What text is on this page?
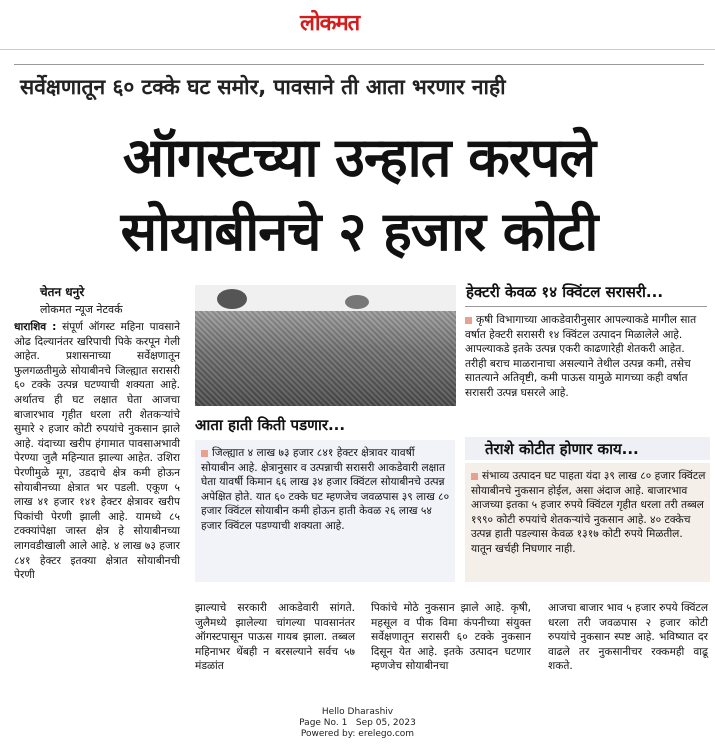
लोकमत
सर्वेक्षणातून ६० टक्के घट समोर, पावसाने ती आता भरणार नाही
ऑगस्टच्या उन्हात करपले
सोयाबीनचे २ हजार कोटी
चेतन धनुरे
लोकमत न्यूज नेटवर्क
धाराशिव : संपूर्ण ऑगस्ट महिना पावसाने ओढ दिल्यानंतर खरिपाची पिके करपून गेली आहेत. प्रशासनाच्या सर्वेक्षणातून फुलगळतीमुळे सोयाबीनचे जिल्ह्यात सरासरी ६० टक्के उत्पन्न घटण्याची शक्यता आहे. अर्थातच ही घट लक्षात घेता आजचा बाजारभाव गृहीत धरला तरी शेतकऱ्यांचे सुमारे २ हजार कोटी रुपयांचे नुकसान झाले आहे. यंदाच्या खरीप हंगामात पावसाअभावी पेरण्या जुलै महिन्यात झाल्या आहेत. उशिरा पेरणीमुळे मूग, उडदाचे क्षेत्र कमी होऊन सोयाबीनच्या क्षेत्रात भर पडली. एकूण ५ लाख ४१ हजार १४१ हेक्टर क्षेत्रावर खरीप पिकांची पेरणी झाली आहे. यामध्ये ८५ टक्क्यांपेक्षा जास्त क्षेत्र हे सोयाबीनच्या लागवडीखाली आले आहे. ४ लाख ७३ हजार ८४१ हेक्टर इतक्या क्षेत्रात सोयाबीनची पेरणी
हेक्टरी केवळ १४ क्विंटल सरासरी...
कृषी विभागाच्या आकडेवारीनुसार आपल्याकडे मागील सात वर्षात हेक्टरी सरासरी १४ क्विंटल उत्पादन मिळालेले आहे. आपल्याकडे इतके उत्पन्न एकरी काढणारेही शेतकरी आहेत. तरीही बराच माळरानाचा असल्याने तेथील उत्पन्न कमी, तसेच सातत्याने अतिवृष्टी, कमी पाऊस यामुळे मागच्या कही वर्षात सरासरी उत्पन्न घसरले आहे.
आता हाती किती पडणार...
जिल्ह्यात ४ लाख ७३ हजार ८४१ हेक्टर क्षेत्रावर यावर्षी सोयाबीन आहे. क्षेत्रानुसार व उत्पन्नाची सरासरी आकडेवारी लक्षात घेता यावर्षी किमान ६६ लाख ३४ हजार क्विंटल सोयाबीनचे उत्पन्न अपेक्षित होते. यात ६० टक्के घट म्हणजेच जवळपास ३९ लाख ८० हजार क्विंटल सोयाबीन कमी होऊन हाती केवळ २६ लाख ५४ हजार क्विंटल पडण्याची शक्यता आहे.
तेराशे कोटीत होणार काय...
संभाव्य उत्पादन घट पाहता यंदा ३९ लाख ८० हजार क्विंटल सोयाबीनचे नुकसान होईल, असा अंदाज आहे. बाजारभाव आजच्या इतका ५ हजार रुपये क्विंटल गृहीत धरला तरी तब्बल १९९० कोटी रुपयांचे शेतकऱ्यांचे नुकसान आहे. ४० टक्केच उत्पन्न हाती पडल्यास केवळ १३१७ कोटी रुपये मिळतील. यातून खर्चही निघणार नाही.
झाल्याचे सरकारी आकडेवारी सांगते. जुलैमध्ये झालेल्या चांगल्या पावसानंतर ऑगस्टपासून पाऊस गायब झाला. तब्बल महिनाभर थेंबही न बरसल्याने सर्वच ५७ मंडळांत
पिकांचे मोठे नुकसान झाले आहे. कृषी, महसूल व पीक विमा कंपनीच्या संयुक्त सर्वेक्षणातून सरासरी ६० टक्के नुकसान दिसून येत आहे. इतके उत्पादन घटणार म्हणजेच सोयाबीनचा
आजचा बाजार भाव ५ हजार रुपये क्विंटल धरला तरी जवळपास २ हजार कोटी रुपयांचे नुकसान स्पष्ट आहे. भविष्यात दर वाढले तर नुकसानीचर रक्कमही वाढू शकते.
Hello Dharashiv
Page No. 1   Sep 05, 2023
Powered by: erelego.com
